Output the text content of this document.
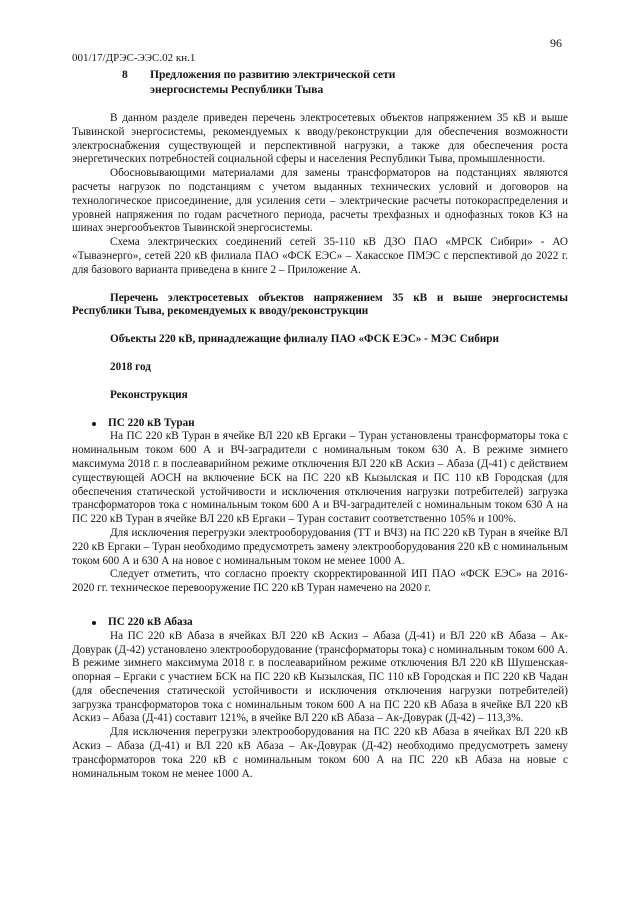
96
001/17/ДРЭС-ЭЭС.02 кн.1
8 Предложения по развитию электрической сети
энергосистемы Республики Тыва

В данном разделе приведен перечень электросетевых объектов напряжением 35 кВ и выше Тывинской энергосистемы, рекомендуемых к вводу/реконструкции для обеспечения возможности электроснабжения существующей и перспективной нагрузки, а также для обеспечения роста энергетических потребностей социальной сферы и населения Республики Тыва, промышленности.

Обосновывающими материалами для замены трансформаторов на подстанциях являются расчеты нагрузок по подстанциям с учетом выданных технических условий и договоров на технологическое присоединение, для усиления сети – электрические расчеты потокораспределения и уровней напряжения по годам расчетного периода, расчеты трехфазных и однофазных токов КЗ на шинах энергообъектов Тывинской энергосистемы.

Схема электрических соединений сетей 35-110 кВ ДЗО ПАО «МРСК Сибири» - АО «Тываэнерго», сетей 220 кВ филиала ПАО «ФСК ЕЭС» – Хакасское ПМЭС с перспективой до 2022 г. для базового варианта приведена в книге 2 – Приложение А.

Перечень электросетевых объектов напряжением 35 кВ и выше энергосистемы Республики Тыва, рекомендуемых к вводу/реконструкции

Объекты 220 кВ, принадлежащие филиалу ПАО «ФСК ЕЭС» - МЭС Сибири

2018 год

Реконструкция

ПС 220 кВ Туран

На ПС 220 кВ Туран в ячейке ВЛ 220 кВ Ергаки – Туран установлены трансформаторы тока с номинальным током 600 А и ВЧ-заградители с номинальным током 630 А. В режиме зимнего максимума 2018 г. в послеаварийном режиме отключения ВЛ 220 кВ Аскиз – Абаза (Д-41) с действием существующей АОСН на включение БСК на ПС 220 кВ Кызылская и ПС 110 кВ Городская (для обеспечения статической устойчивости и исключения отключения нагрузки потребителей) загрузка трансформаторов тока с номинальным током 600 А и ВЧ-заградителей с номинальным током 630 А на ПС 220 кВ Туран в ячейке ВЛ 220 кВ Ергаки – Туран составит соответственно 105% и 100%.

Для исключения перегрузки электрооборудования (ТТ и ВЧЗ) на ПС 220 кВ Туран в ячейке ВЛ 220 кВ Ергаки – Туран необходимо предусмотреть замену электрооборудования 220 кВ с номинальным током 600 А и 630 А на новое с номинальным током не менее 1000 А.

Следует отметить, что согласно проекту скорректированной ИП ПАО «ФСК ЕЭС» на 2016-2020 гг. техническое перевооружение ПС 220 кВ Туран намечено на 2020 г.

ПС 220 кВ Абаза

На ПС 220 кВ Абаза в ячейках ВЛ 220 кВ Аскиз – Абаза (Д-41) и ВЛ 220 кВ Абаза – Ак-Довурак (Д-42) установлено электрооборудование (трансформаторы тока) с номинальным током 600 А. В режиме зимнего максимума 2018 г. в послеаварийном режиме отключения ВЛ 220 кВ Шушенская-опорная – Ергаки с участием БСК на ПС 220 кВ Кызылская, ПС 110 кВ Городская и ПС 220 кВ Чадан (для обеспечения статической устойчивости и исключения отключения нагрузки потребителей) загрузка трансформаторов тока с номинальным током 600 А на ПС 220 кВ Абаза в ячейке ВЛ 220 кВ Аскиз – Абаза (Д-41) составит 121%, в ячейке ВЛ 220 кВ Абаза – Ак-Довурак (Д-42) – 113,3%.

Для исключения перегрузки электрооборудования на ПС 220 кВ Абаза в ячейках ВЛ 220 кВ Аскиз – Абаза (Д-41) и ВЛ 220 кВ Абаза – Ак-Довурак (Д-42) необходимо предусмотреть замену трансформаторов тока 220 кВ с номинальным током 600 А на ПС 220 кВ Абаза на новые с номинальным током не менее 1000 А.
